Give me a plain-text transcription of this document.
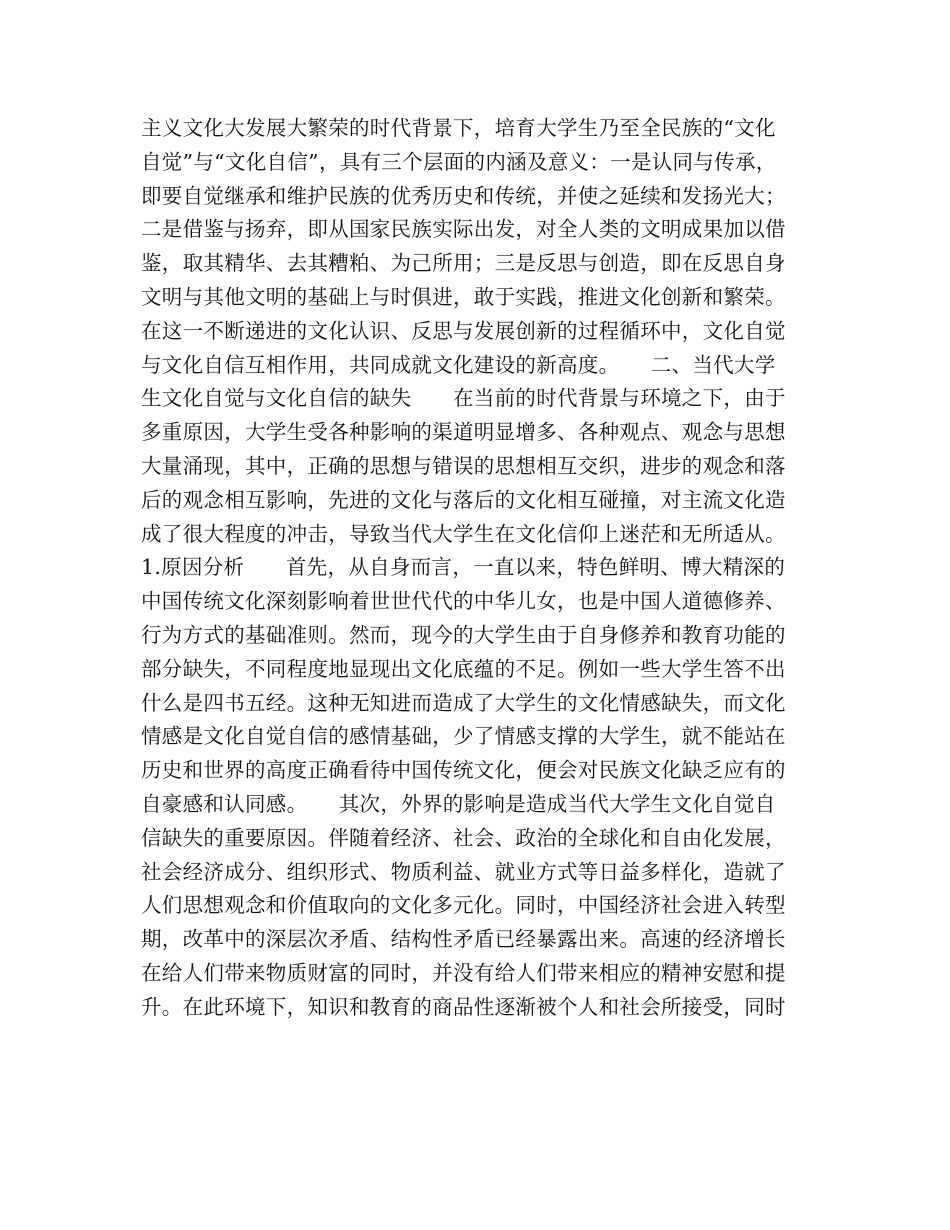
主义文化大发展大繁荣的时代背景下，培育大学生乃至全民族的“文化
自觉”与“文化自信”，具有三个层面的内涵及意义：一是认同与传承，
即要自觉继承和维护民族的优秀历史和传统，并使之延续和发扬光大；
二是借鉴与扬弃，即从国家民族实际出发，对全人类的文明成果加以借
鉴，取其精华、去其糟粕、为己所用；三是反思与创造，即在反思自身
文明与其他文明的基础上与时俱进，敢于实践，推进文化创新和繁荣。
在这一不断递进的文化认识、反思与发展创新的过程循环中，文化自觉
与文化自信互相作用，共同成就文化建设的新高度。　　二、当代大学
生文化自觉与文化自信的缺失　　在当前的时代背景与环境之下，由于
多重原因，大学生受各种影响的渠道明显增多、各种观点、观念与思想
大量涌现，其中，正确的思想与错误的思想相互交织，进步的观念和落
后的观念相互影响，先进的文化与落后的文化相互碰撞，对主流文化造
成了很大程度的冲击，导致当代大学生在文化信仰上迷茫和无所适从。
1.原因分析　　首先，从自身而言，一直以来，特色鲜明、博大精深的
中国传统文化深刻影响着世世代代的中华儿女，也是中国人道德修养、
行为方式的基础准则。然而，现今的大学生由于自身修养和教育功能的
部分缺失，不同程度地显现出文化底蕴的不足。例如一些大学生答不出
什么是四书五经。这种无知进而造成了大学生的文化情感缺失，而文化
情感是文化自觉自信的感情基础，少了情感支撑的大学生，就不能站在
历史和世界的高度正确看待中国传统文化，便会对民族文化缺乏应有的
自豪感和认同感。　　其次，外界的影响是造成当代大学生文化自觉自
信缺失的重要原因。伴随着经济、社会、政治的全球化和自由化发展，
社会经济成分、组织形式、物质利益、就业方式等日益多样化，造就了
人们思想观念和价值取向的文化多元化。同时，中国经济社会进入转型
期，改革中的深层次矛盾、结构性矛盾已经暴露出来。高速的经济增长
在给人们带来物质财富的同时，并没有给人们带来相应的精神安慰和提
升。在此环境下，知识和教育的商品性逐渐被个人和社会所接受，同时
